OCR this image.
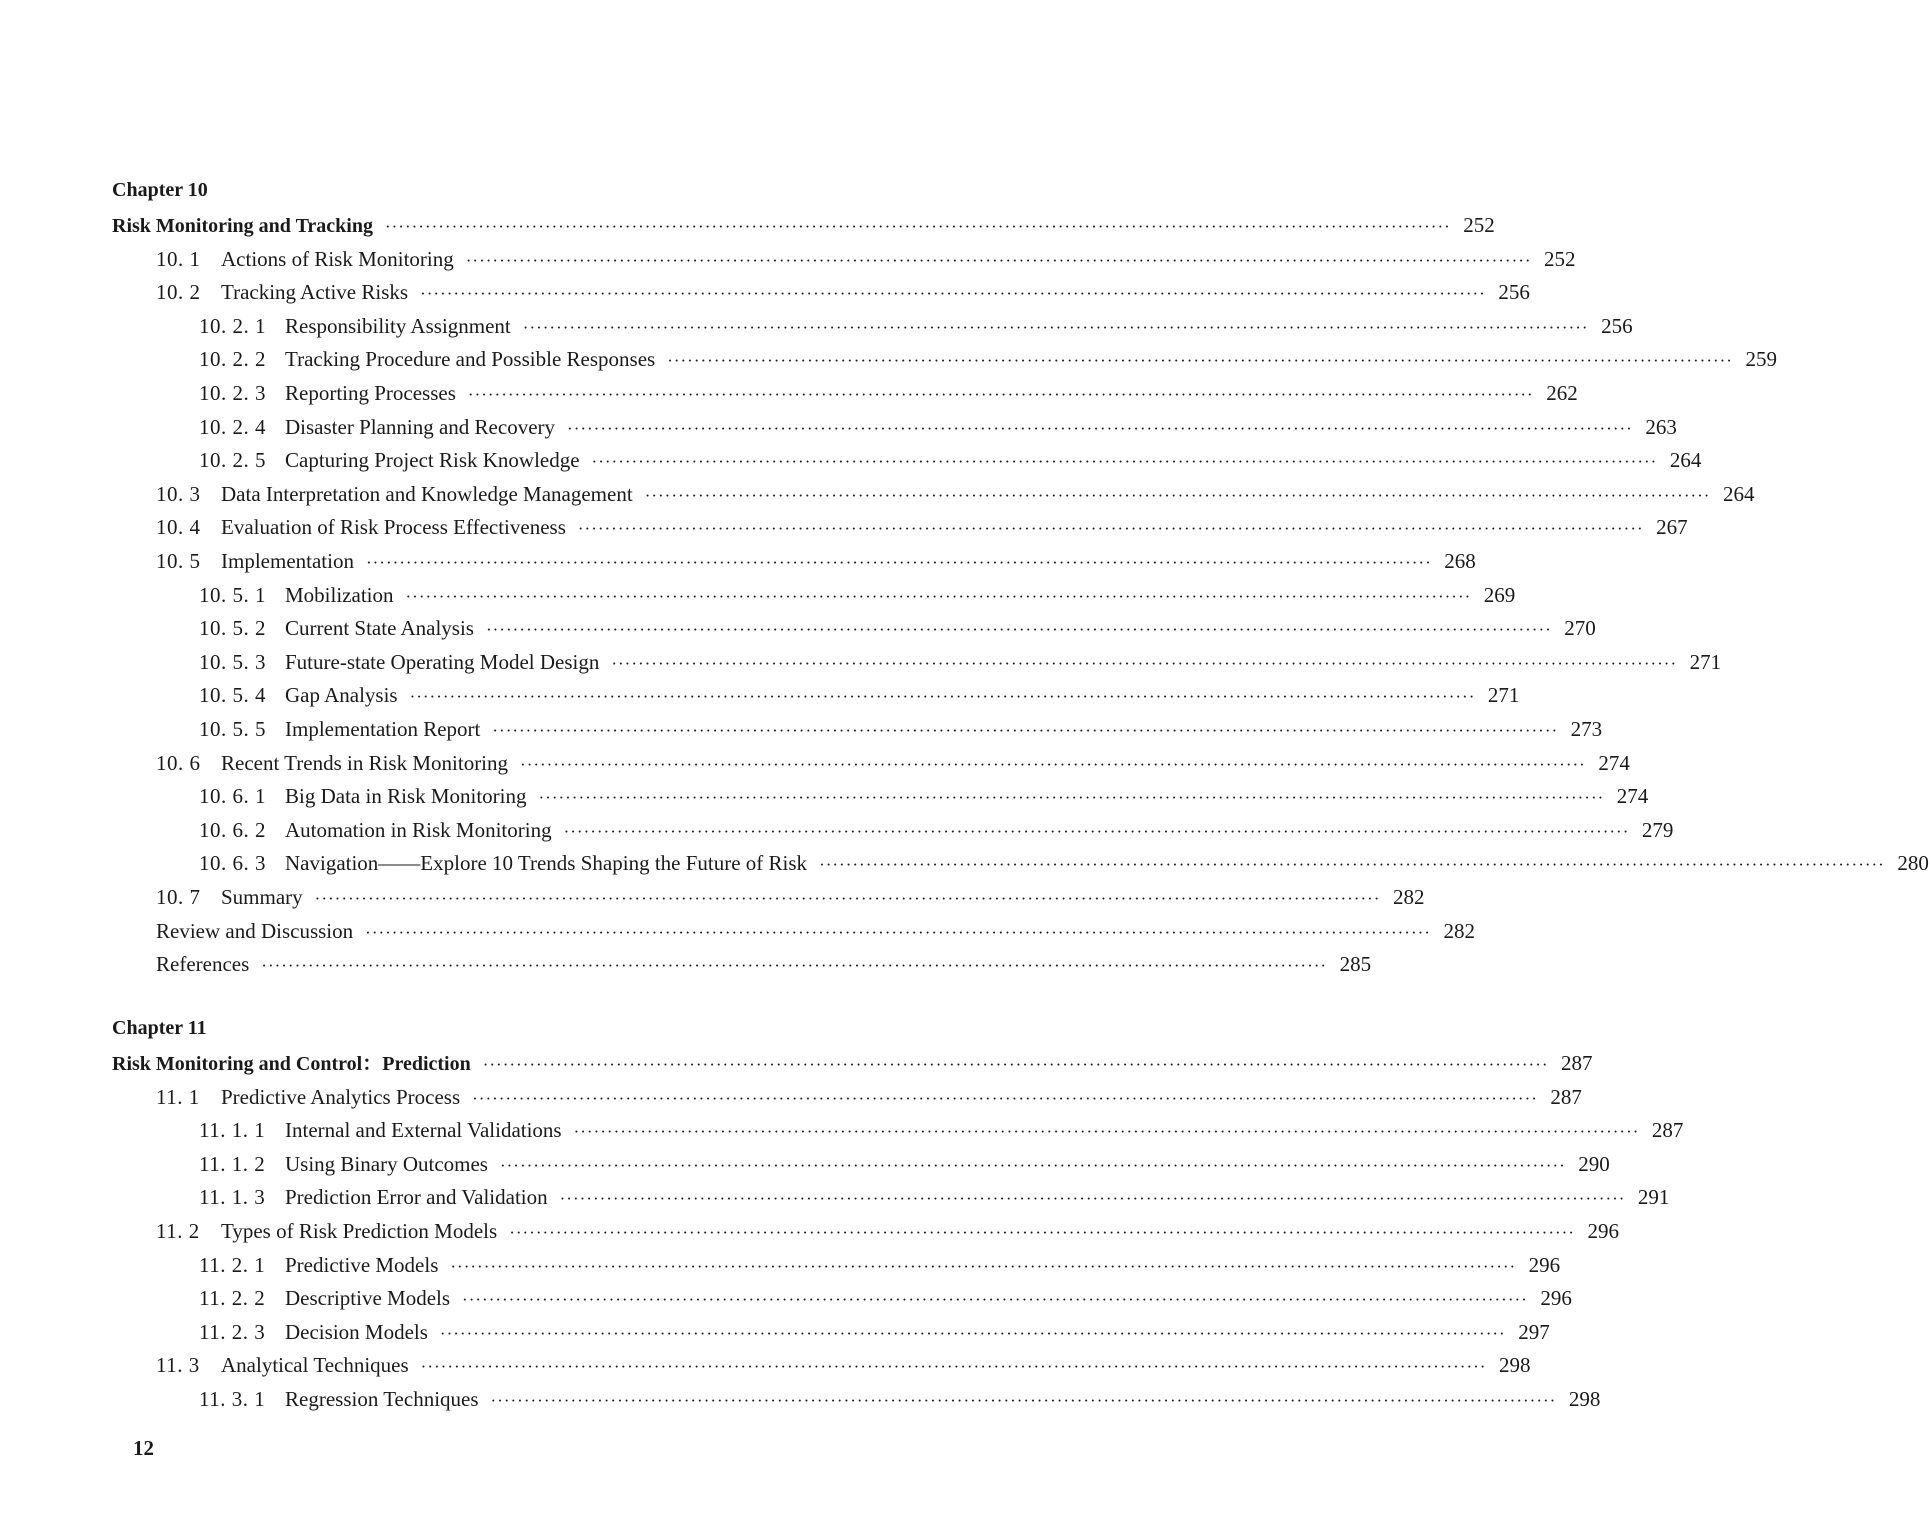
Chapter 10
Risk Monitoring and Tracking ································································································································································ 252
10. 1 Actions of Risk Monitoring ································································································································································ 252
10. 2 Tracking Active Risks ································································································································································ 256
10. 2. 1 Responsibility Assignment ································································································································································ 256
10. 2. 2 Tracking Procedure and Possible Responses ································································································································································ 259
10. 2. 3 Reporting Processes ································································································································································ 262
10. 2. 4 Disaster Planning and Recovery ································································································································································ 263
10. 2. 5 Capturing Project Risk Knowledge ································································································································································ 264
10. 3 Data Interpretation and Knowledge Management ································································································································································ 264
10. 4 Evaluation of Risk Process Effectiveness ································································································································································ 267
10. 5 Implementation ································································································································································ 268
10. 5. 1 Mobilization ································································································································································ 269
10. 5. 2 Current State Analysis ································································································································································ 270
10. 5. 3 Future-state Operating Model Design ································································································································································ 271
10. 5. 4 Gap Analysis ································································································································································ 271
10. 5. 5 Implementation Report ································································································································································ 273
10. 6 Recent Trends in Risk Monitoring ································································································································································ 274
10. 6. 1 Big Data in Risk Monitoring ································································································································································ 274
10. 6. 2 Automation in Risk Monitoring ································································································································································ 279
10. 6. 3 Navigation——Explore 10 Trends Shaping the Future of Risk ································································································································································ 280
10. 7 Summary ································································································································································ 282
Review and Discussion ································································································································································ 282
References ································································································································································ 285
Chapter 11
Risk Monitoring and Control：Prediction ································································································································································ 287
11. 1	Predictive Analytics Process ································································································································································ 287
11. 1. 1 Internal and External Validations ································································································································································ 287
11. 1. 2 Using Binary Outcomes ································································································································································ 290
11. 1. 3 Prediction Error and Validation ································································································································································ 291
11. 2	Types of Risk Prediction Models ································································································································································ 296
11. 2. 1 Predictive Models ································································································································································ 296
11. 2. 2 Descriptive Models ································································································································································ 296
11. 2. 3 Decision Models ································································································································································ 297
11. 3	Analytical Techniques ································································································································································ 298
11. 3. 1 Regression Techniques ································································································································································ 298
12
